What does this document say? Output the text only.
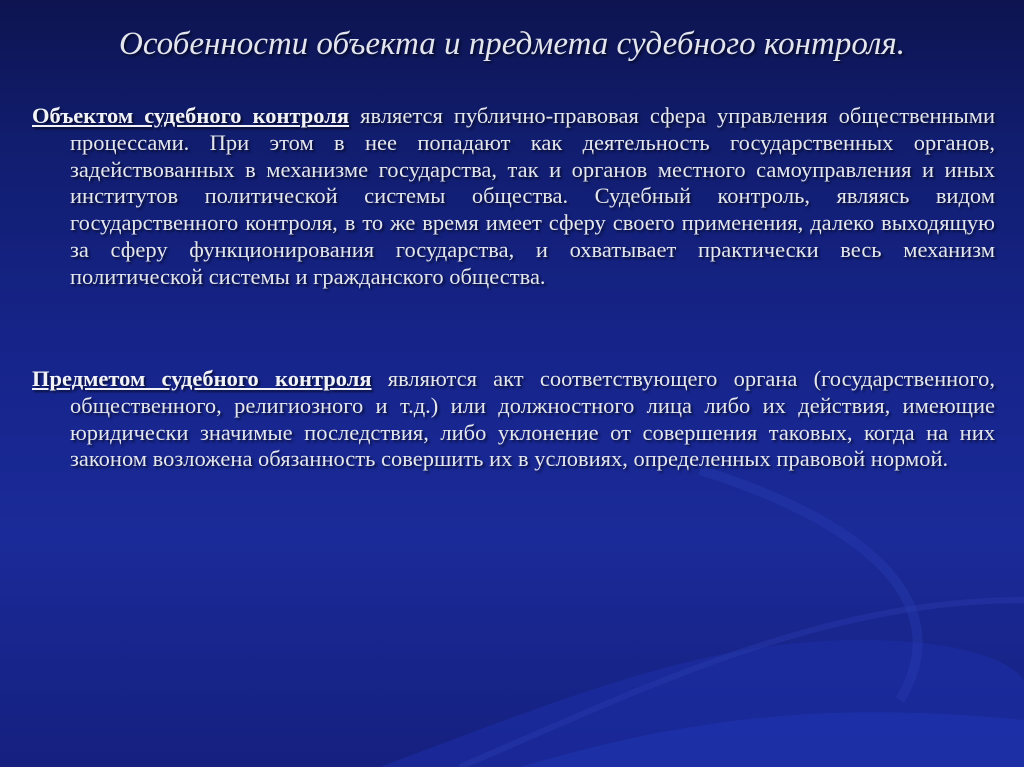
Особенности объекта и предмета судебного контроля.
Объектом судебного контроля является публично-правовая сфера управления общественными процессами. При этом в нее попадают как деятельность государственных органов, задействованных в механизме государства, так и органов местного самоуправления и иных институтов политической системы общества. Судебный контроль, являясь видом государственного контроля, в то же время имеет сферу своего применения, далеко выходящую за сферу функционирования государства, и охватывает практически весь механизм политической системы и гражданского общества.
Предметом судебного контроля являются акт соответствующего органа (государственного, общественного, религиозного и т.д.) или должностного лица либо их действия, имеющие юридически значимые последствия, либо уклонение от совершения таковых, когда на них законом возложена обязанность совершить их в условиях, определенных правовой нормой.
